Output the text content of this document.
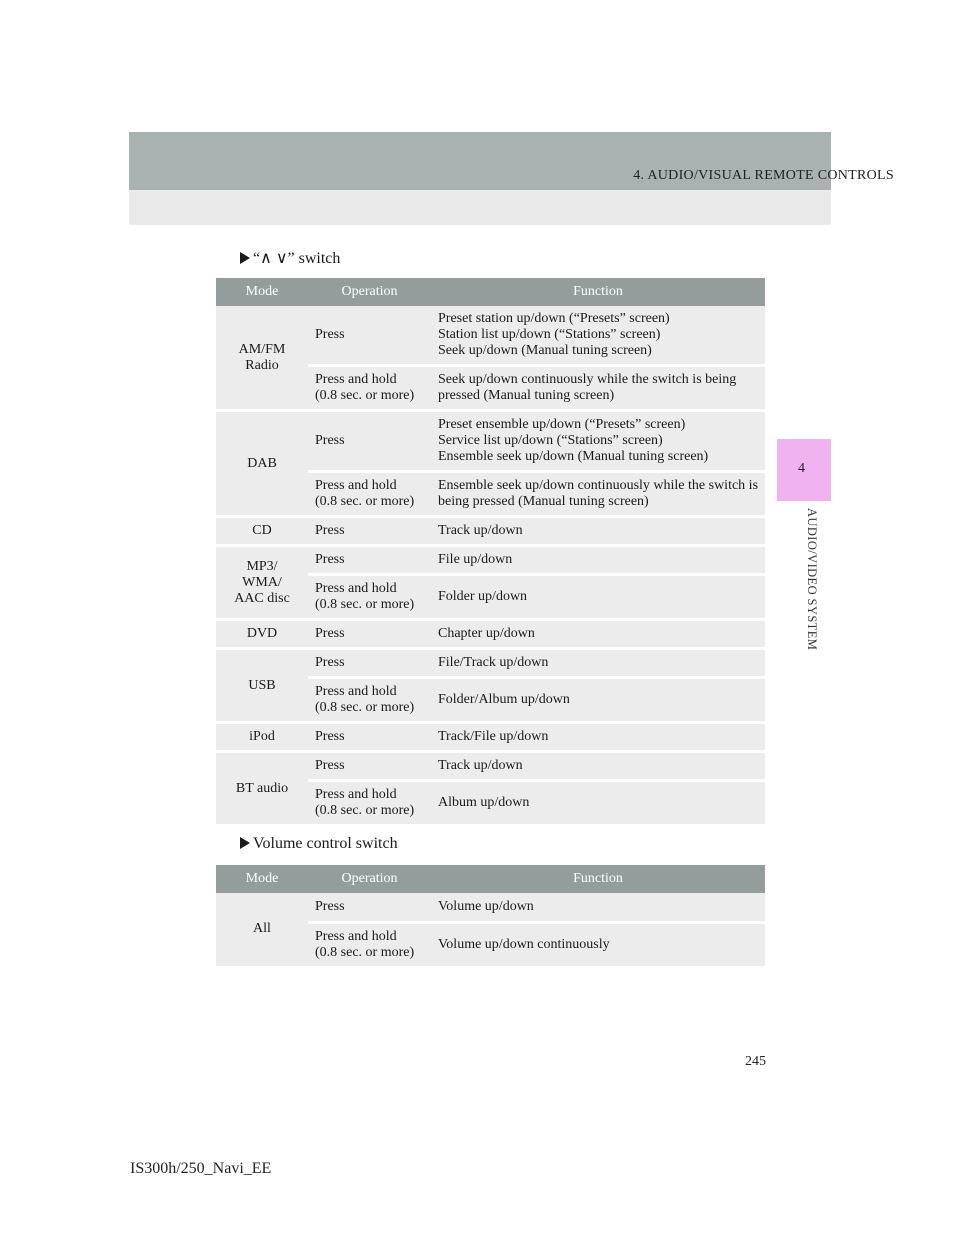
4. AUDIO/VISUAL REMOTE CONTROLS
4
AUDIO/VIDEO SYSTEM
“∧ ∨” switch
Mode	Operation	Function
AM/FM
Radio	Press	Preset station up/down (“Presets” screen)
Station list up/down (“Stations” screen)
Seek up/down (Manual tuning screen)
	Press and hold
(0.8 sec. or more)	Seek up/down continuously while the switch is being pressed (Manual tuning screen)
DAB	Press	Preset ensemble up/down (“Presets” screen)
Service list up/down (“Stations” screen)
Ensemble seek up/down (Manual tuning screen)
	Press and hold
(0.8 sec. or more)	Ensemble seek up/down continuously while the switch is being pressed (Manual tuning screen)
CD	Press	Track up/down
MP3/
WMA/
AAC disc	Press	File up/down
	Press and hold
(0.8 sec. or more)	Folder up/down
DVD	Press	Chapter up/down
USB	Press	File/Track up/down
	Press and hold
(0.8 sec. or more)	Folder/Album up/down
iPod	Press	Track/File up/down
BT audio	Press	Track up/down
	Press and hold
(0.8 sec. or more)	Album up/down
Volume control switch
Mode	Operation	Function
All	Press	Volume up/down
	Press and hold
(0.8 sec. or more)	Volume up/down continuously
245
IS300h/250_Navi_EE
